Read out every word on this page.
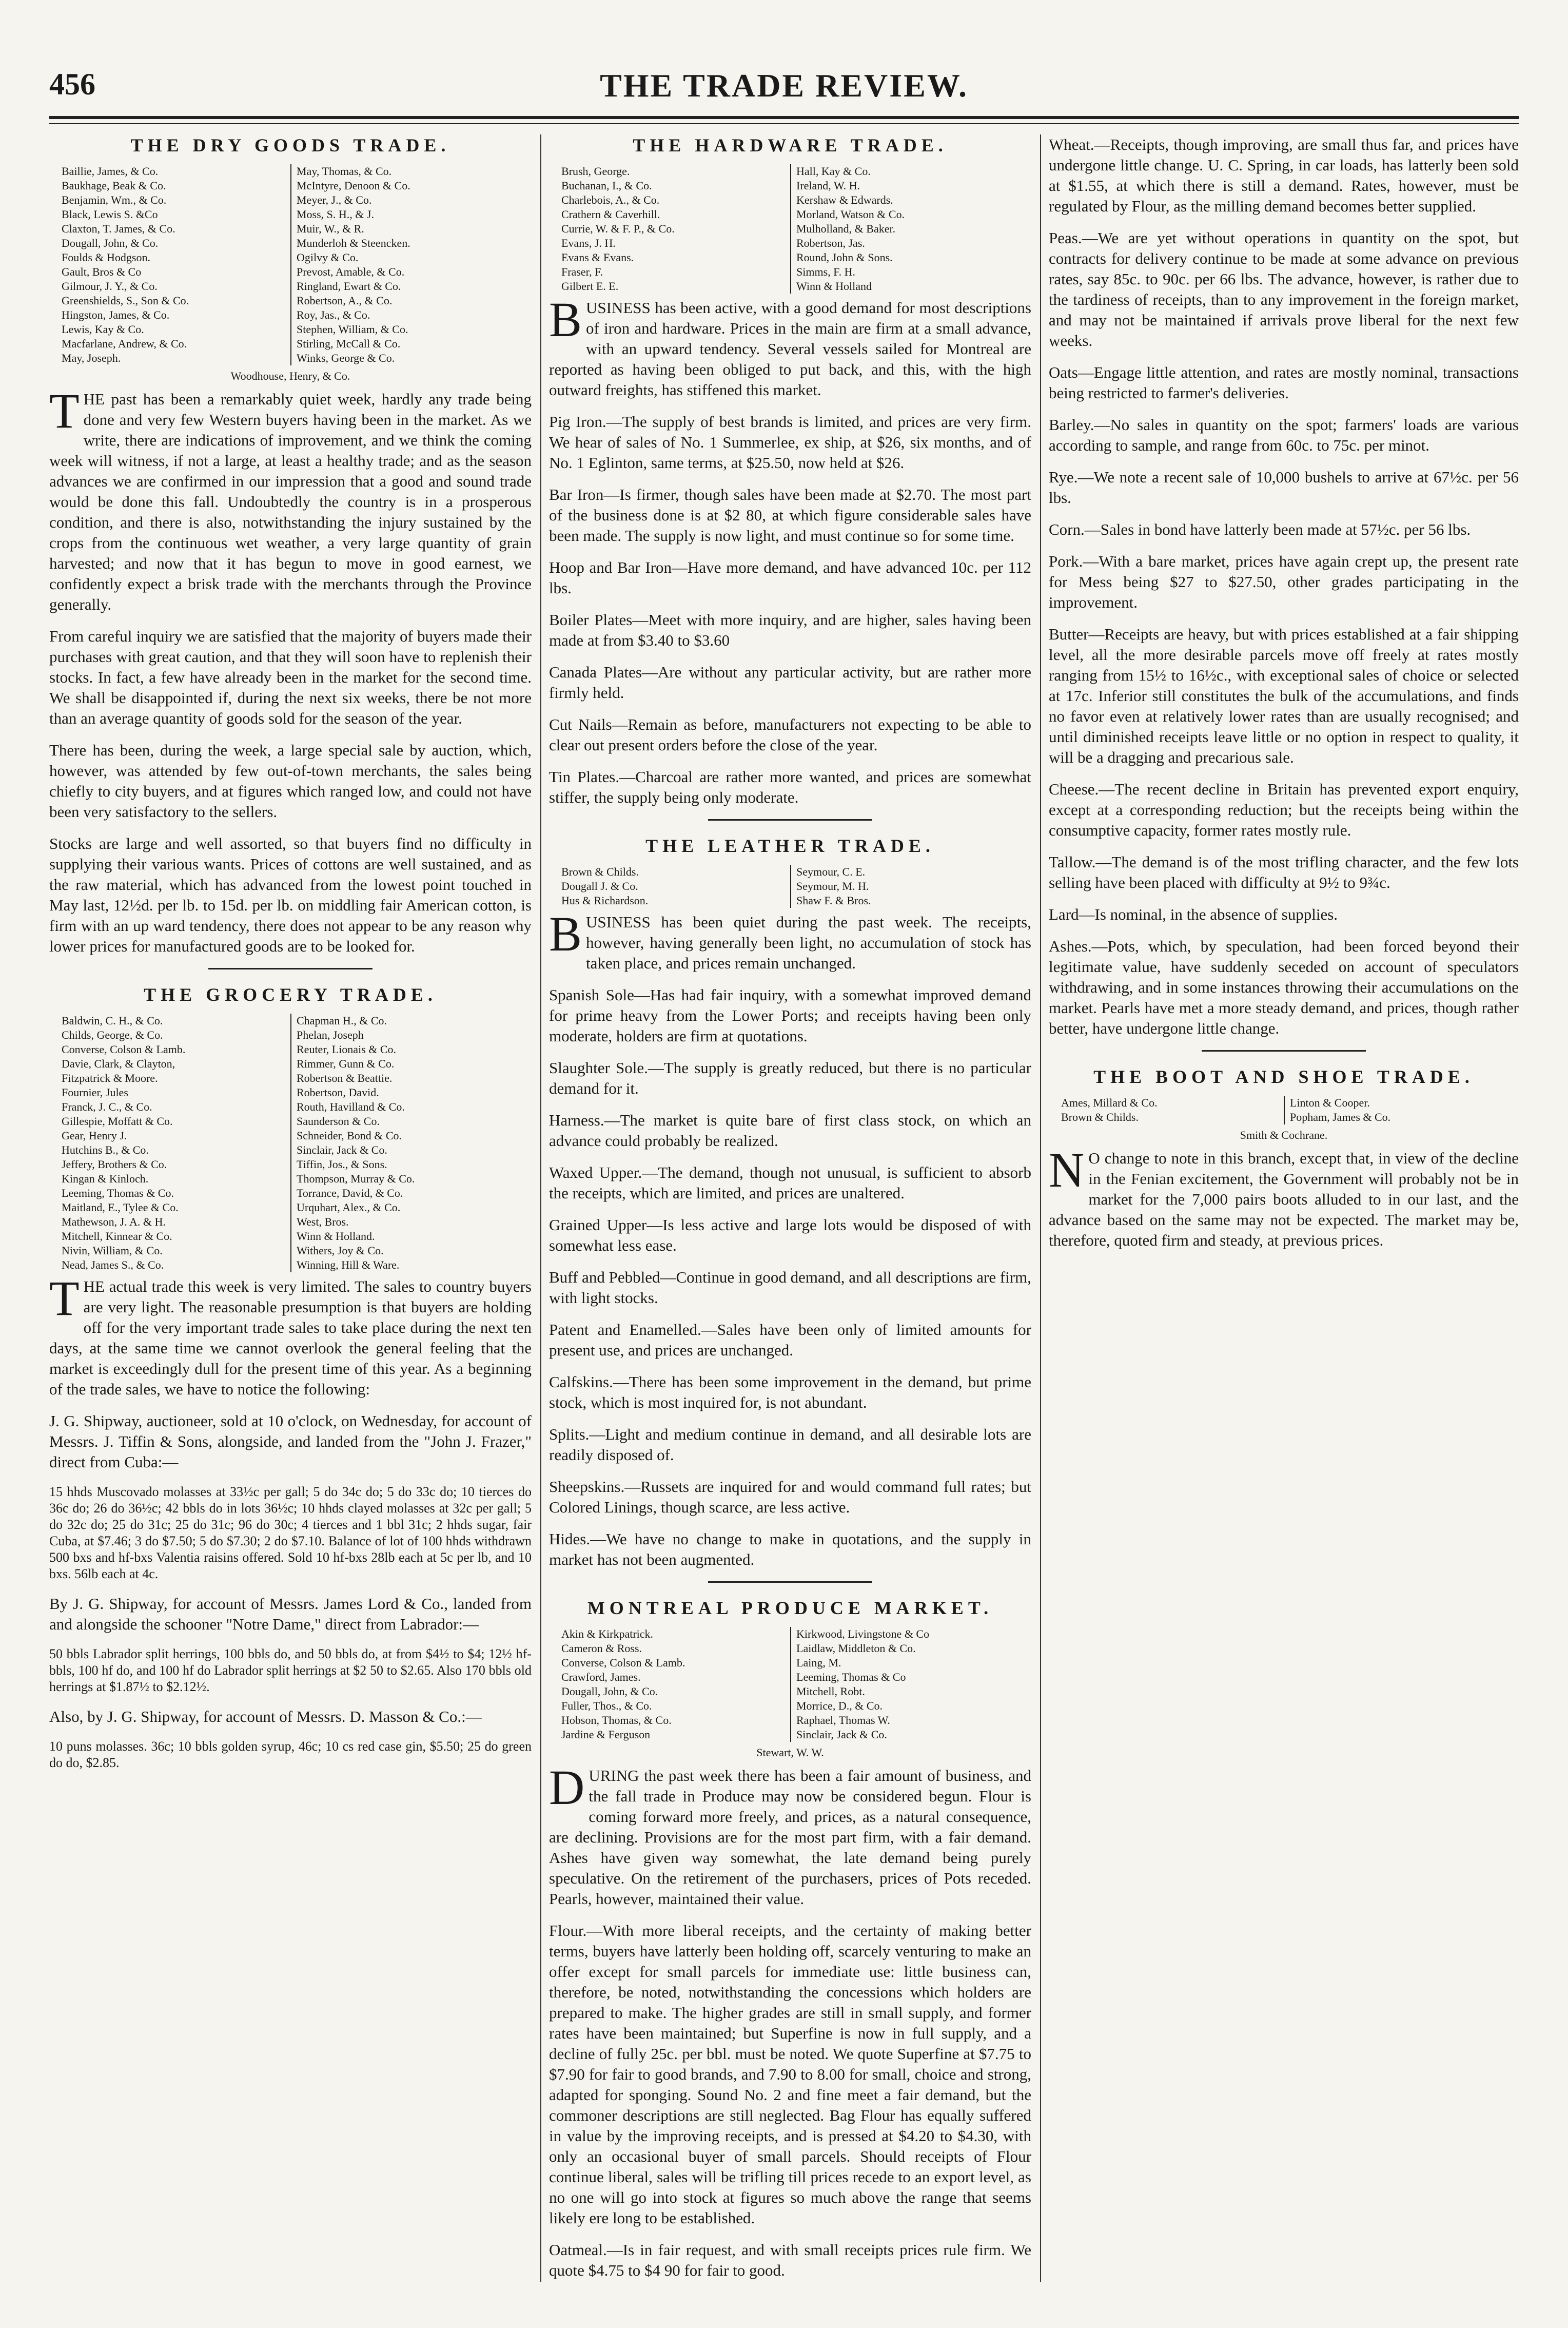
456	THE TRADE REVIEW.
THE DRY GOODS TRADE.
Baillie, James, & Co.
Baukhage, Beak & Co.
Benjamin, Wm., & Co.
Black, Lewis S. &Co
Claxton, T. James, & Co.
Dougall, John, & Co.
Foulds & Hodgson.
Gault, Bros & Co
Gilmour, J. Y., & Co.
Greenshields, S., Son & Co.
Hingston, James, & Co.
Lewis, Kay & Co.
Macfarlane, Andrew, & Co.
May, Joseph.
May, Thomas, & Co.
McIntyre, Denoon & Co.
Meyer, J., & Co.
Moss, S. H., & J.
Muir, W., & R.
Munderloh & Steencken.
Ogilvy & Co.
Prevost, Amable, & Co.
Ringland, Ewart & Co.
Robertson, A., & Co.
Roy, Jas., & Co.
Stephen, William, & Co.
Stirling, McCall & Co.
Winks, George & Co.
Woodhouse, Henry, & Co.

THE past has been a remarkably quiet week, hardly any trade being done and very few Western buyers having been in the market. As we write, there are indications of improvement, and we think the coming week will witness, if not a large, at least a healthy trade; and as the season advances we are confirmed in our impression that a good and sound trade would be done this fall. Undoubtedly the country is in a prosperous condition, and there is also, notwithstanding the injury sustained by the crops from the continuous wet weather, a very large quantity of grain harvested; and now that it has begun to move in good earnest, we confidently expect a brisk trade with the merchants through the Province generally.

From careful inquiry we are satisfied that the majority of buyers made their purchases with great caution, and that they will soon have to replenish their stocks. In fact, a few have already been in the market for the second time. We shall be disappointed if, during the next six weeks, there be not more than an average quantity of goods sold for the season of the year.

There has been, during the week, a large special sale by auction, which, however, was attended by few out-of-town merchants, the sales being chiefly to city buyers, and at figures which ranged low, and could not have been very satisfactory to the sellers.

Stocks are large and well assorted, so that buyers find no difficulty in supplying their various wants. Prices of cottons are well sustained, and as the raw material, which has advanced from the lowest point touched in May last, 12½d. per lb. to 15d. per lb. on middling fair American cotton, is firm with an up ward tendency, there does not appear to be any reason why lower prices for manufactured goods are to be looked for.

THE GROCERY TRADE.
Baldwin, C. H., & Co.
Childs, George, & Co.
Converse, Colson & Lamb.
Davie, Clark, & Clayton,
Fitzpatrick & Moore.
Fournier, Jules
Franck, J. C., & Co.
Gillespie, Moffatt & Co.
Gear, Henry J.
Hutchins B., & Co.
Jeffery, Brothers & Co.
Kingan & Kinloch.
Leeming, Thomas & Co.
Maitland, E., Tylee & Co.
Mathewson, J. A. & H.
Mitchell, Kinnear & Co.
Nivin, William, & Co.
Nead, James S., & Co.
Chapman H., & Co.
Phelan, Joseph
Reuter, Lionais & Co.
Rimmer, Gunn & Co.
Robertson & Beattie.
Robertson, David.
Routh, Havilland & Co.
Saunderson & Co.
Schneider, Bond & Co.
Sinclair, Jack & Co.
Tiffin, Jos., & Sons.
Thompson, Murray & Co.
Torrance, David, & Co.
Urquhart, Alex., & Co.
West, Bros.
Winn & Holland.
Withers, Joy & Co.
Winning, Hill & Ware.

THE actual trade this week is very limited. The sales to country buyers are very light. The reasonable presumption is that buyers are holding off for the very important trade sales to take place during the next ten days, at the same time we cannot overlook the general feeling that the market is exceedingly dull for the present time of this year. As a beginning of the trade sales, we have to notice the following:

J. G. Shipway, auctioneer, sold at 10 o'clock, on Wednesday, for account of Messrs. J. Tiffin & Sons, alongside, and landed from the "John J. Frazer," direct from Cuba:—

15 hhds Muscovado molasses at 33½c per gall; 5 do 34c do; 5 do 33c do; 10 tierces do 36c do; 26 do 36½c; 42 bbls do in lots 36½c; 10 hhds clayed molasses at 32c per gall; 5 do 32c do; 25 do 31c; 25 do 31c; 96 do 30c; 4 tierces and 1 bbl 31c; 2 hhds sugar, fair Cuba, at $7.46; 3 do $7.50; 5 do $7.30; 2 do $7.10. Balance of lot of 100 hhds withdrawn 500 bxs and hf-bxs Valentia raisins offered. Sold 10 hf-bxs 28lb each at 5c per lb, and 10 bxs. 56lb each at 4c.

By J. G. Shipway, for account of Messrs. James Lord & Co., landed from and alongside the schooner "Notre Dame," direct from Labrador:—

50 bbls Labrador split herrings, 100 bbls do, and 50 bbls do, at from $4½ to $4; 12½ hf-bbls, 100 hf do, and 100 hf do Labrador split herrings at $2 50 to $2.65. Also 170 bbls old herrings at $1.87½ to $2.12½.

Also, by J. G. Shipway, for account of Messrs. D. Masson & Co.:—

10 puns molasses. 36c; 10 bbls golden syrup, 46c; 10 cs red case gin, $5.50; 25 do green do do, $2.85.

THE HARDWARE TRADE.
Brush, George.
Buchanan, I., & Co.
Charlebois, A., & Co.
Crathern & Caverhill.
Currie, W. & F. P., & Co.
Evans, J. H.
Evans & Evans.
Fraser, F.
Gilbert E. E.
Hall, Kay & Co.
Ireland, W. H.
Kershaw & Edwards.
Morland, Watson & Co.
Mulholland, & Baker.
Robertson, Jas.
Round, John & Sons.
Simms, F. H.
Winn & Holland

BUSINESS has been active, with a good demand for most descriptions of iron and hardware. Prices in the main are firm at a small advance, with an upward tendency. Several vessels sailed for Montreal are reported as having been obliged to put back, and this, with the high outward freights, has stiffened this market.

Pig Iron.—The supply of best brands is limited, and prices are very firm. We hear of sales of No. 1 Summerlee, ex ship, at $26, six months, and of No. 1 Eglinton, same terms, at $25.50, now held at $26.

Bar Iron—Is firmer, though sales have been made at $2.70. The most part of the business done is at $2 80, at which figure considerable sales have been made. The supply is now light, and must continue so for some time.

Hoop and Bar Iron—Have more demand, and have advanced 10c. per 112 lbs.

Boiler Plates—Meet with more inquiry, and are higher, sales having been made at from $3.40 to $3.60

Canada Plates—Are without any particular activity, but are rather more firmly held.

Cut Nails—Remain as before, manufacturers not expecting to be able to clear out present orders before the close of the year.

Tin Plates.—Charcoal are rather more wanted, and prices are somewhat stiffer, the supply being only moderate.

THE LEATHER TRADE.
Brown & Childs.
Dougall J. & Co.
Hus & Richardson.
Seymour, C. E.
Seymour, M. H.
Shaw F. & Bros.

BUSINESS has been quiet during the past week. The receipts, however, having generally been light, no accumulation of stock has taken place, and prices remain unchanged.

Spanish Sole—Has had fair inquiry, with a somewhat improved demand for prime heavy from the Lower Ports; and receipts having been only moderate, holders are firm at quotations.

Slaughter Sole.—The supply is greatly reduced, but there is no particular demand for it.

Harness.—The market is quite bare of first class stock, on which an advance could probably be realized.

Waxed Upper.—The demand, though not unusual, is sufficient to absorb the receipts, which are limited, and prices are unaltered.

Grained Upper—Is less active and large lots would be disposed of with somewhat less ease.

Buff and Pebbled—Continue in good demand, and all descriptions are firm, with light stocks.

Patent and Enamelled.—Sales have been only of limited amounts for present use, and prices are unchanged.

Calfskins.—There has been some improvement in the demand, but prime stock, which is most inquired for, is not abundant.

Splits.—Light and medium continue in demand, and all desirable lots are readily disposed of.

Sheepskins.—Russets are inquired for and would command full rates; but Colored Linings, though scarce, are less active.

Hides.—We have no change to make in quotations, and the supply in market has not been augmented.

MONTREAL PRODUCE MARKET.
Akin & Kirkpatrick.
Cameron & Ross.
Converse, Colson & Lamb.
Crawford, James.
Dougall, John, & Co.
Fuller, Thos., & Co.
Hobson, Thomas, & Co.
Jardine & Ferguson
Kirkwood, Livingstone & Co
Laidlaw, Middleton & Co.
Laing, M.
Leeming, Thomas & Co
Mitchell, Robt.
Morrice, D., & Co.
Raphael, Thomas W.
Sinclair, Jack & Co.
Stewart, W. W.

DURING the past week there has been a fair amount of business, and the fall trade in Produce may now be considered begun. Flour is coming forward more freely, and prices, as a natural consequence, are declining. Provisions are for the most part firm, with a fair demand. Ashes have given way somewhat, the late demand being purely speculative. On the retirement of the purchasers, prices of Pots receded. Pearls, however, maintained their value.

Flour.—With more liberal receipts, and the certainty of making better terms, buyers have latterly been holding off, scarcely venturing to make an offer except for small parcels for immediate use: little business can, therefore, be noted, notwithstanding the concessions which holders are prepared to make. The higher grades are still in small supply, and former rates have been maintained; but Superfine is now in full supply, and a decline of fully 25c. per bbl. must be noted. We quote Superfine at $7.75 to $7.90 for fair to good brands, and 7.90 to 8.00 for small, choice and strong, adapted for sponging. Sound No. 2 and fine meet a fair demand, but the commoner descriptions are still neglected. Bag Flour has equally suffered in value by the improving receipts, and is pressed at $4.20 to $4.30, with only an occasional buyer of small parcels. Should receipts of Flour continue liberal, sales will be trifling till prices recede to an export level, as no one will go into stock at figures so much above the range that seems likely ere long to be established.

Oatmeal.—Is in fair request, and with small receipts prices rule firm. We quote $4.75 to $4 90 for fair to good.

Wheat.—Receipts, though improving, are small thus far, and prices have undergone little change. U. C. Spring, in car loads, has latterly been sold at $1.55, at which there is still a demand. Rates, however, must be regulated by Flour, as the milling demand becomes better supplied.

Peas.—We are yet without operations in quantity on the spot, but contracts for delivery continue to be made at some advance on previous rates, say 85c. to 90c. per 66 lbs. The advance, however, is rather due to the tardiness of receipts, than to any improvement in the foreign market, and may not be maintained if arrivals prove liberal for the next few weeks.

Oats—Engage little attention, and rates are mostly nominal, transactions being restricted to farmer's deliveries.

Barley.—No sales in quantity on the spot; farmers' loads are various according to sample, and range from 60c. to 75c. per minot.

Rye.—We note a recent sale of 10,000 bushels to arrive at 67½c. per 56 lbs.

Corn.—Sales in bond have latterly been made at 57½c. per 56 lbs.

Pork.—With a bare market, prices have again crept up, the present rate for Mess being $27 to $27.50, other grades participating in the improvement.

Butter—Receipts are heavy, but with prices established at a fair shipping level, all the more desirable parcels move off freely at rates mostly ranging from 15½ to 16½c., with exceptional sales of choice or selected at 17c. Inferior still constitutes the bulk of the accumulations, and finds no favor even at relatively lower rates than are usually recognised; and until diminished receipts leave little or no option in respect to quality, it will be a dragging and precarious sale.

Cheese.—The recent decline in Britain has prevented export enquiry, except at a corresponding reduction; but the receipts being within the consumptive capacity, former rates mostly rule.

Tallow.—The demand is of the most trifling character, and the few lots selling have been placed with difficulty at 9½ to 9¾c.

Lard—Is nominal, in the absence of supplies.

Ashes.—Pots, which, by speculation, had been forced beyond their legitimate value, have suddenly seceded on account of speculators withdrawing, and in some instances throwing their accumulations on the market. Pearls have met a more steady demand, and prices, though rather better, have undergone little change.

THE BOOT AND SHOE TRADE.
Ames, Millard & Co.
Brown & Childs.
Linton & Cooper.
Popham, James & Co.
Smith & Cochrane.

NO change to note in this branch, except that, in view of the decline in the Fenian excitement, the Government will probably not be in market for the 7,000 pairs boots alluded to in our last, and the advance based on the same may not be expected. The market may be, therefore, quoted firm and steady, at previous prices.
